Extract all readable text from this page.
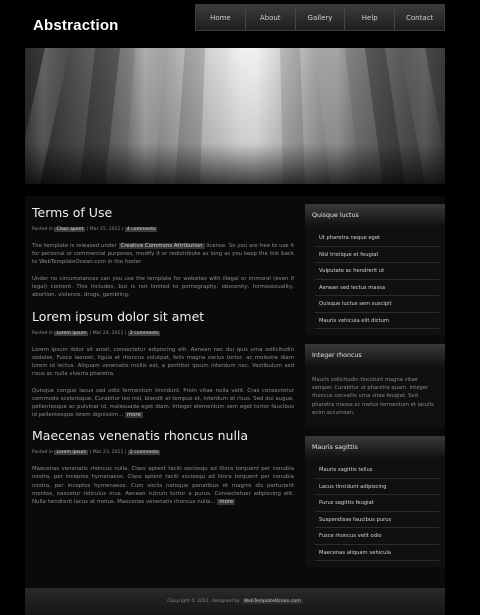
Abstraction	Home	About	Gallery	Help	Contact
Terms of Use
Posted in Class apent | Mar 25, 2011 | 4 comments

The template is released under Creative Commons Attribution license. So you are free to use it for personal or commercial purposes, modify it or redistribute as long as you keep the link back to WebTemplateOcean.com in the footer.

Under no circumstances can you use the template for websites with illegal or immoral (even if legal) content. This includes, but is not limited to pornography, obscenity, homosexuality, abortion, violence, drugs, gambling.

Lorem ipsum dolor sit amet
Posted in Lorem ipsum | Mar 24, 2011 | 2 comments

Lorem ipsum dolor sit amet, consectetur adipiscing elit. Aenean nec dui quis urna sollicitudin sodales. Fusce laoreet, ligula et rhoncus volutpat, felis magna varius tortor, ac molestie diam lorem id lectus. Aliquam venenatis mollis est, a porttitor ipsum interdum nec. Vestibulum sed risus ac nulla viverra pharetra.

Quisque congue lacus sed odio fermentum tincidunt. Proin vitae nulla velit. Cras consectetur commodo scelerisque. Curabitur leo nisl, blandit at tempus et, interdum at risus. Sed dui augue, pellentesque ac pulvinar id, malesuada eget diam. Integer elementum sem eget tortor faucibus id pellentesque lorem dignissim... more

Maecenas venenatis rhoncus nulla
Posted in Lorem ipsum | Mar 23, 2011 | 2 comments

Maecenas venenatis rhoncus nulla. Class aptent taciti sociosqu ad litora torquent per conubia nostra, per inceptos hymenaeos. Class aptent taciti sociosqu ad litora torquent per conubia nostra, per inceptos hymenaeos. Cum sociis natoque penatibus et magnis dis parturient montes, nascetur ridiculus mus. Aenean rutrum tortor a purus. Consectetuer adipiscing elit. Nulla hendrerit lacus at metus. Maecenas venenatis rhoncus nulla... more

Quisque luctus
Ut pharetra neque eget
Nisl tristique et feugiat
Vulputate ac hendrerit ut
Aenean sed lectus massa
Quisque luctus sem suscipit
Mauris vehicula elit dictum
Integer rhoncus
Mauris sollicitudin tincidunt magna vitae semper. Curabitur ut pharetra quam. Integer rhoncus convallis urna vitae feugiat. Sed pharetra massa ac metus fermentum et iaculis enim accumsan.
Mauris sagittis
Mauris sagittis tellus
Lacus tincidunt adipiscing
Purus sagittis feugiat
Suspendisse faucibus purus
Fusce rhoncus velit odio
Maecenas aliquam vehicula
Copyright © 2011, designed by WebTemplateOcean.com
